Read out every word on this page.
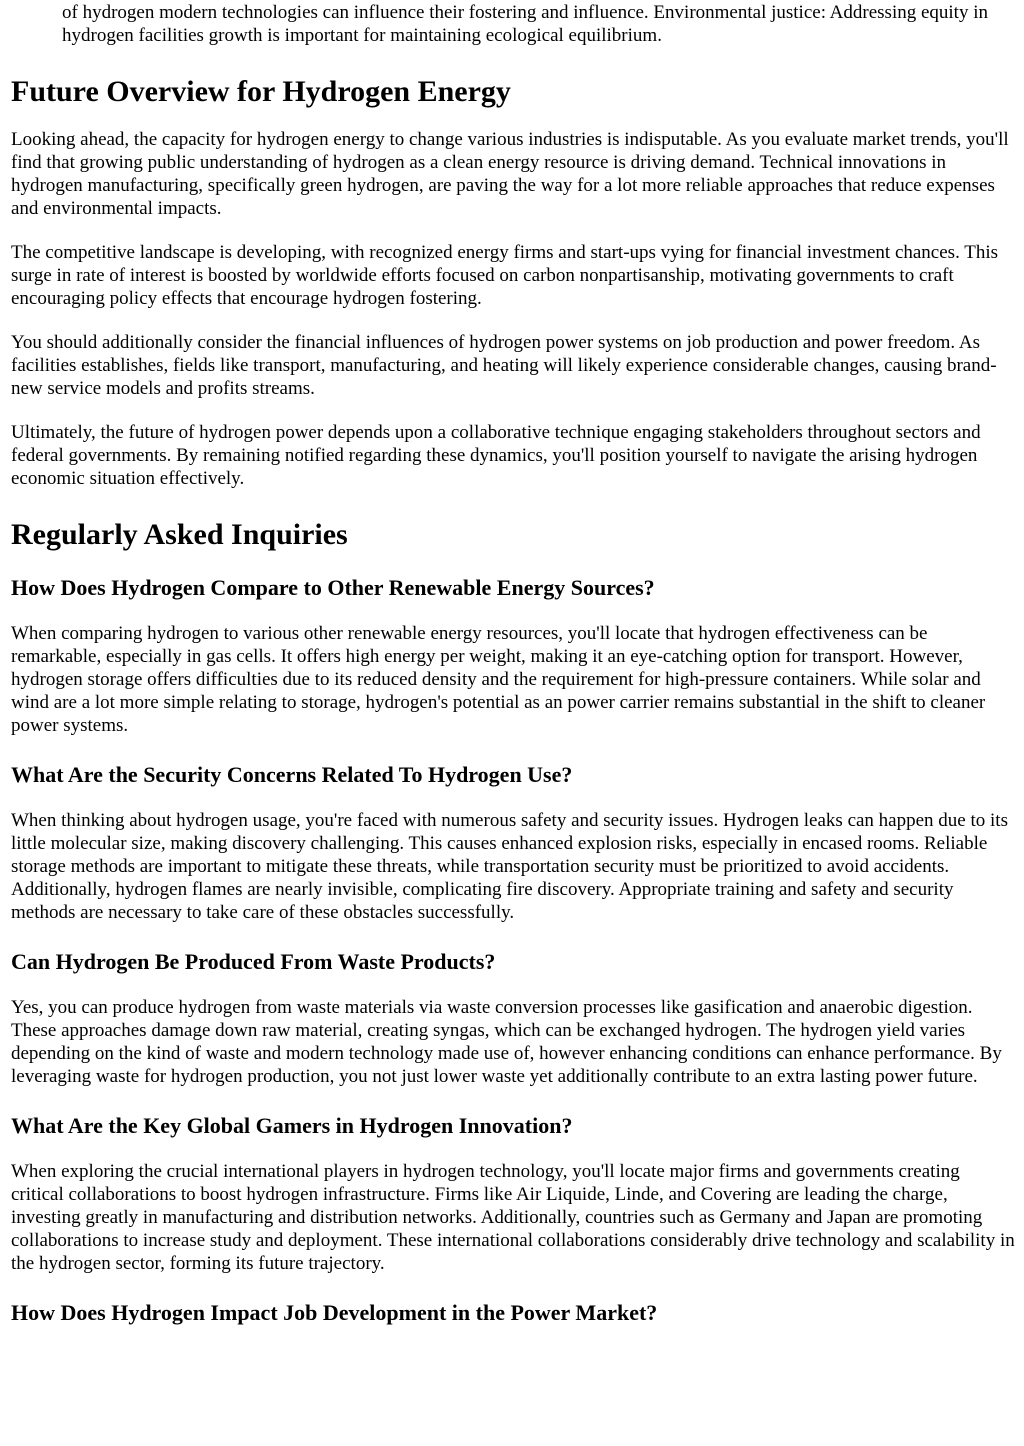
of hydrogen modern technologies can influence their fostering and influence. Environmental justice: Addressing equity in hydrogen facilities growth is important for maintaining ecological equilibrium.

Future Overview for Hydrogen Energy

Looking ahead, the capacity for hydrogen energy to change various industries is indisputable. As you evaluate market trends, you'll find that growing public understanding of hydrogen as a clean energy resource is driving demand. Technical innovations in hydrogen manufacturing, specifically green hydrogen, are paving the way for a lot more reliable approaches that reduce expenses and environmental impacts.

The competitive landscape is developing, with recognized energy firms and start-ups vying for financial investment chances. This surge in rate of interest is boosted by worldwide efforts focused on carbon nonpartisanship, motivating governments to craft encouraging policy effects that encourage hydrogen fostering.

You should additionally consider the financial influences of hydrogen power systems on job production and power freedom. As facilities establishes, fields like transport, manufacturing, and heating will likely experience considerable changes, causing brand-new service models and profits streams.

Ultimately, the future of hydrogen power depends upon a collaborative technique engaging stakeholders throughout sectors and federal governments. By remaining notified regarding these dynamics, you'll position yourself to navigate the arising hydrogen economic situation effectively.

Regularly Asked Inquiries
How Does Hydrogen Compare to Other Renewable Energy Sources?

When comparing hydrogen to various other renewable energy resources, you'll locate that hydrogen effectiveness can be remarkable, especially in gas cells. It offers high energy per weight, making it an eye-catching option for transport. However, hydrogen storage offers difficulties due to its reduced density and the requirement for high-pressure containers. While solar and wind are a lot more simple relating to storage, hydrogen's potential as an power carrier remains substantial in the shift to cleaner power systems.

What Are the Security Concerns Related To Hydrogen Use?

When thinking about hydrogen usage, you're faced with numerous safety and security issues. Hydrogen leaks can happen due to its little molecular size, making discovery challenging. This causes enhanced explosion risks, especially in encased rooms. Reliable storage methods are important to mitigate these threats, while transportation security must be prioritized to avoid accidents. Additionally, hydrogen flames are nearly invisible, complicating fire discovery. Appropriate training and safety and security methods are necessary to take care of these obstacles successfully.

Can Hydrogen Be Produced From Waste Products?

Yes, you can produce hydrogen from waste materials via waste conversion processes like gasification and anaerobic digestion. These approaches damage down raw material, creating syngas, which can be exchanged hydrogen. The hydrogen yield varies depending on the kind of waste and modern technology made use of, however enhancing conditions can enhance performance. By leveraging waste for hydrogen production, you not just lower waste yet additionally contribute to an extra lasting power future.

What Are the Key Global Gamers in Hydrogen Innovation?

When exploring the crucial international players in hydrogen technology, you'll locate major firms and governments creating critical collaborations to boost hydrogen infrastructure. Firms like Air Liquide, Linde, and Covering are leading the charge, investing greatly in manufacturing and distribution networks. Additionally, countries such as Germany and Japan are promoting collaborations to increase study and deployment. These international collaborations considerably drive technology and scalability in the hydrogen sector, forming its future trajectory.

How Does Hydrogen Impact Job Development in the Power Market?
